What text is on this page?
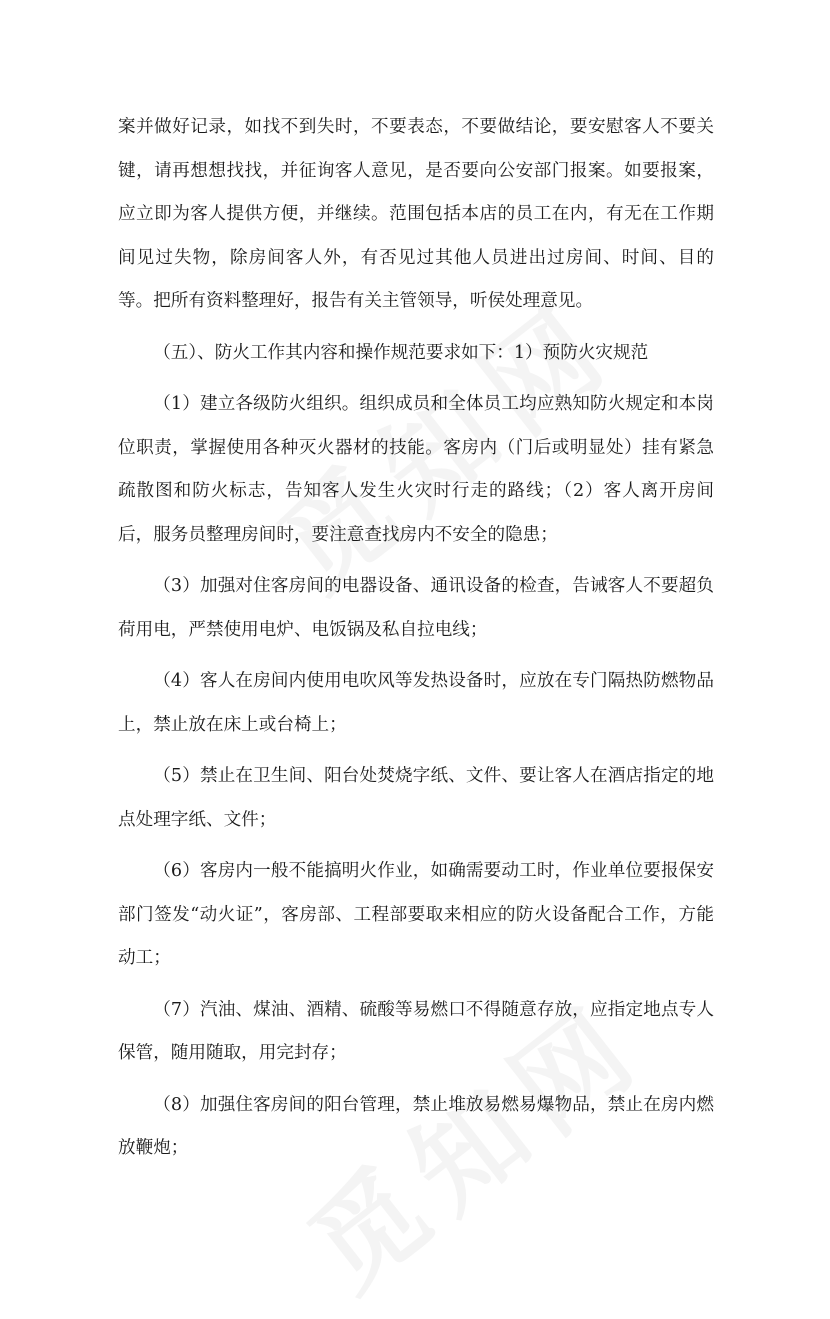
案并做好记录，如找不到失时，不要表态，不要做结论，要安慰客人不要关键，请再想想找找，并征询客人意见，是否要向公安部门报案。如要报案，应立即为客人提供方便，并继续。范围包括本店的员工在内，有无在工作期间见过失物，除房间客人外，有否见过其他人员进出过房间、时间、目的等。把所有资料整理好，报告有关主管领导，听侯处理意见。

（五）、防火工作其内容和操作规范要求如下：1）预防火灾规范

（1）建立各级防火组织。组织成员和全体员工均应熟知防火规定和本岗位职责，掌握使用各种灭火器材的技能。客房内（门后或明显处）挂有紧急疏散图和防火标志，告知客人发生火灾时行走的路线；（2）客人离开房间后，服务员整理房间时，要注意查找房内不安全的隐患；

（3）加强对住客房间的电器设备、通讯设备的检查，告诫客人不要超负荷用电，严禁使用电炉、电饭锅及私自拉电线；

（4）客人在房间内使用电吹风等发热设备时，应放在专门隔热防燃物品上，禁止放在床上或台椅上；

（5）禁止在卫生间、阳台处焚烧字纸、文件、要让客人在酒店指定的地点处理字纸、文件；

（6）客房内一般不能搞明火作业，如确需要动工时，作业单位要报保安部门签发“动火证”，客房部、工程部要取来相应的防火设备配合工作，方能动工；

（7）汽油、煤油、酒精、硫酸等易燃口不得随意存放，应指定地点专人保管，随用随取，用完封存；

（8）加强住客房间的阳台管理，禁止堆放易燃易爆物品，禁止在房内燃放鞭炮；
